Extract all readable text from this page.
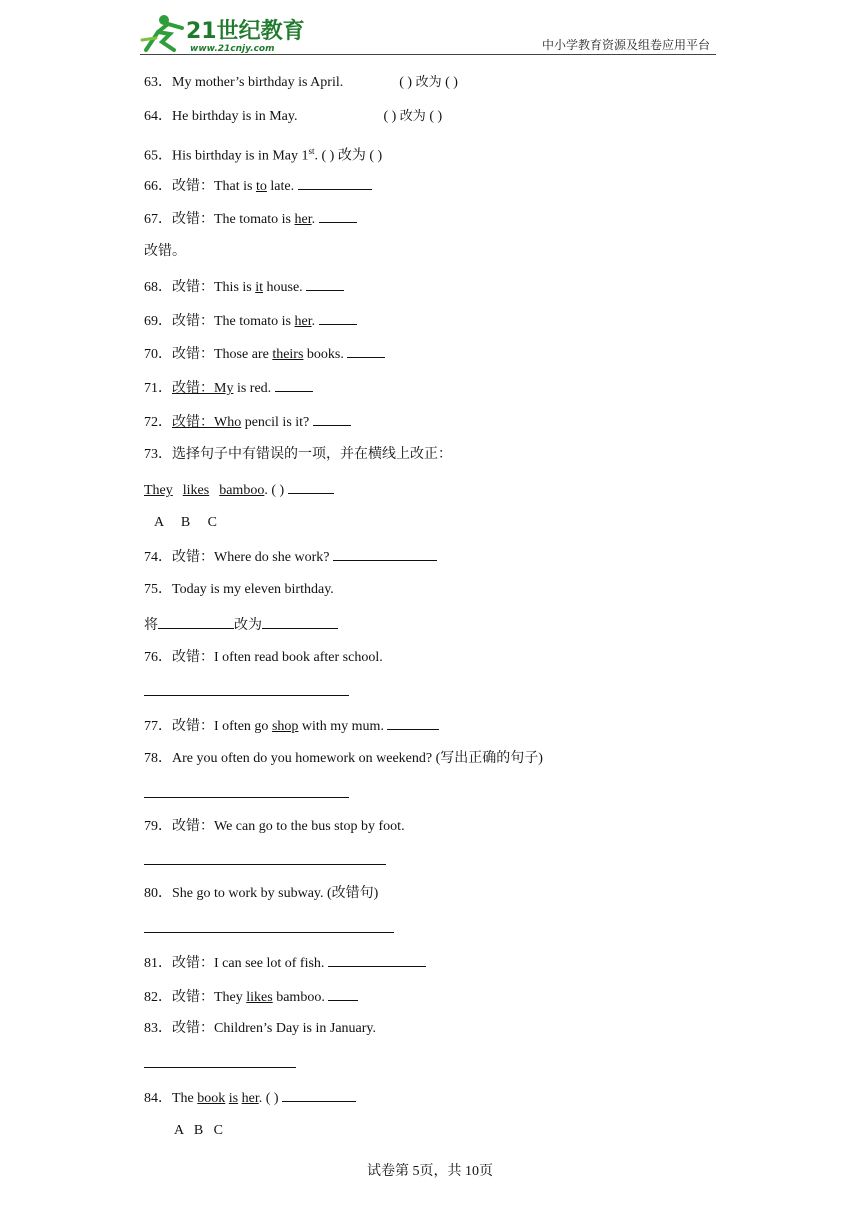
21世纪教育
www.21cnjy.com	中小学教育资源及组卷应用平台
63．My mother’s birthday is April.	( ) 改为 ( )
64．He birthday is in May.	( ) 改为 ( )
65．His birthday is in May 1st. ( ) 改为 ( )
66．改错：That is to late.
67．改错：The tomato is her.
改错。
68．改错：This is it house.
69．改错：The tomato is her.
70．改错：Those are theirs books.
71．改错：My is red.
72．改错：Who pencil is it?
73．选择句子中有错误的一项，并在横线上改正：
They likes bamboo. ( )
A     B     C
74．改错：Where do she work?
75．Today is my eleven birthday.
将	改为
76．改错：I often read book after school.
77．改错：I often go shop with my mum.
78．Are you often do you homework on weekend? (写出正确的句子)
79．改错：We can go to the bus stop by foot.
80．She go to work by subway. (改错句)
81．改错：I can see lot of fish.
82．改错：They likes bamboo.
83．改错：Children’s Day is in January.
84．The book is her. ( )
A   B   C
试卷第 5页，共 10页
